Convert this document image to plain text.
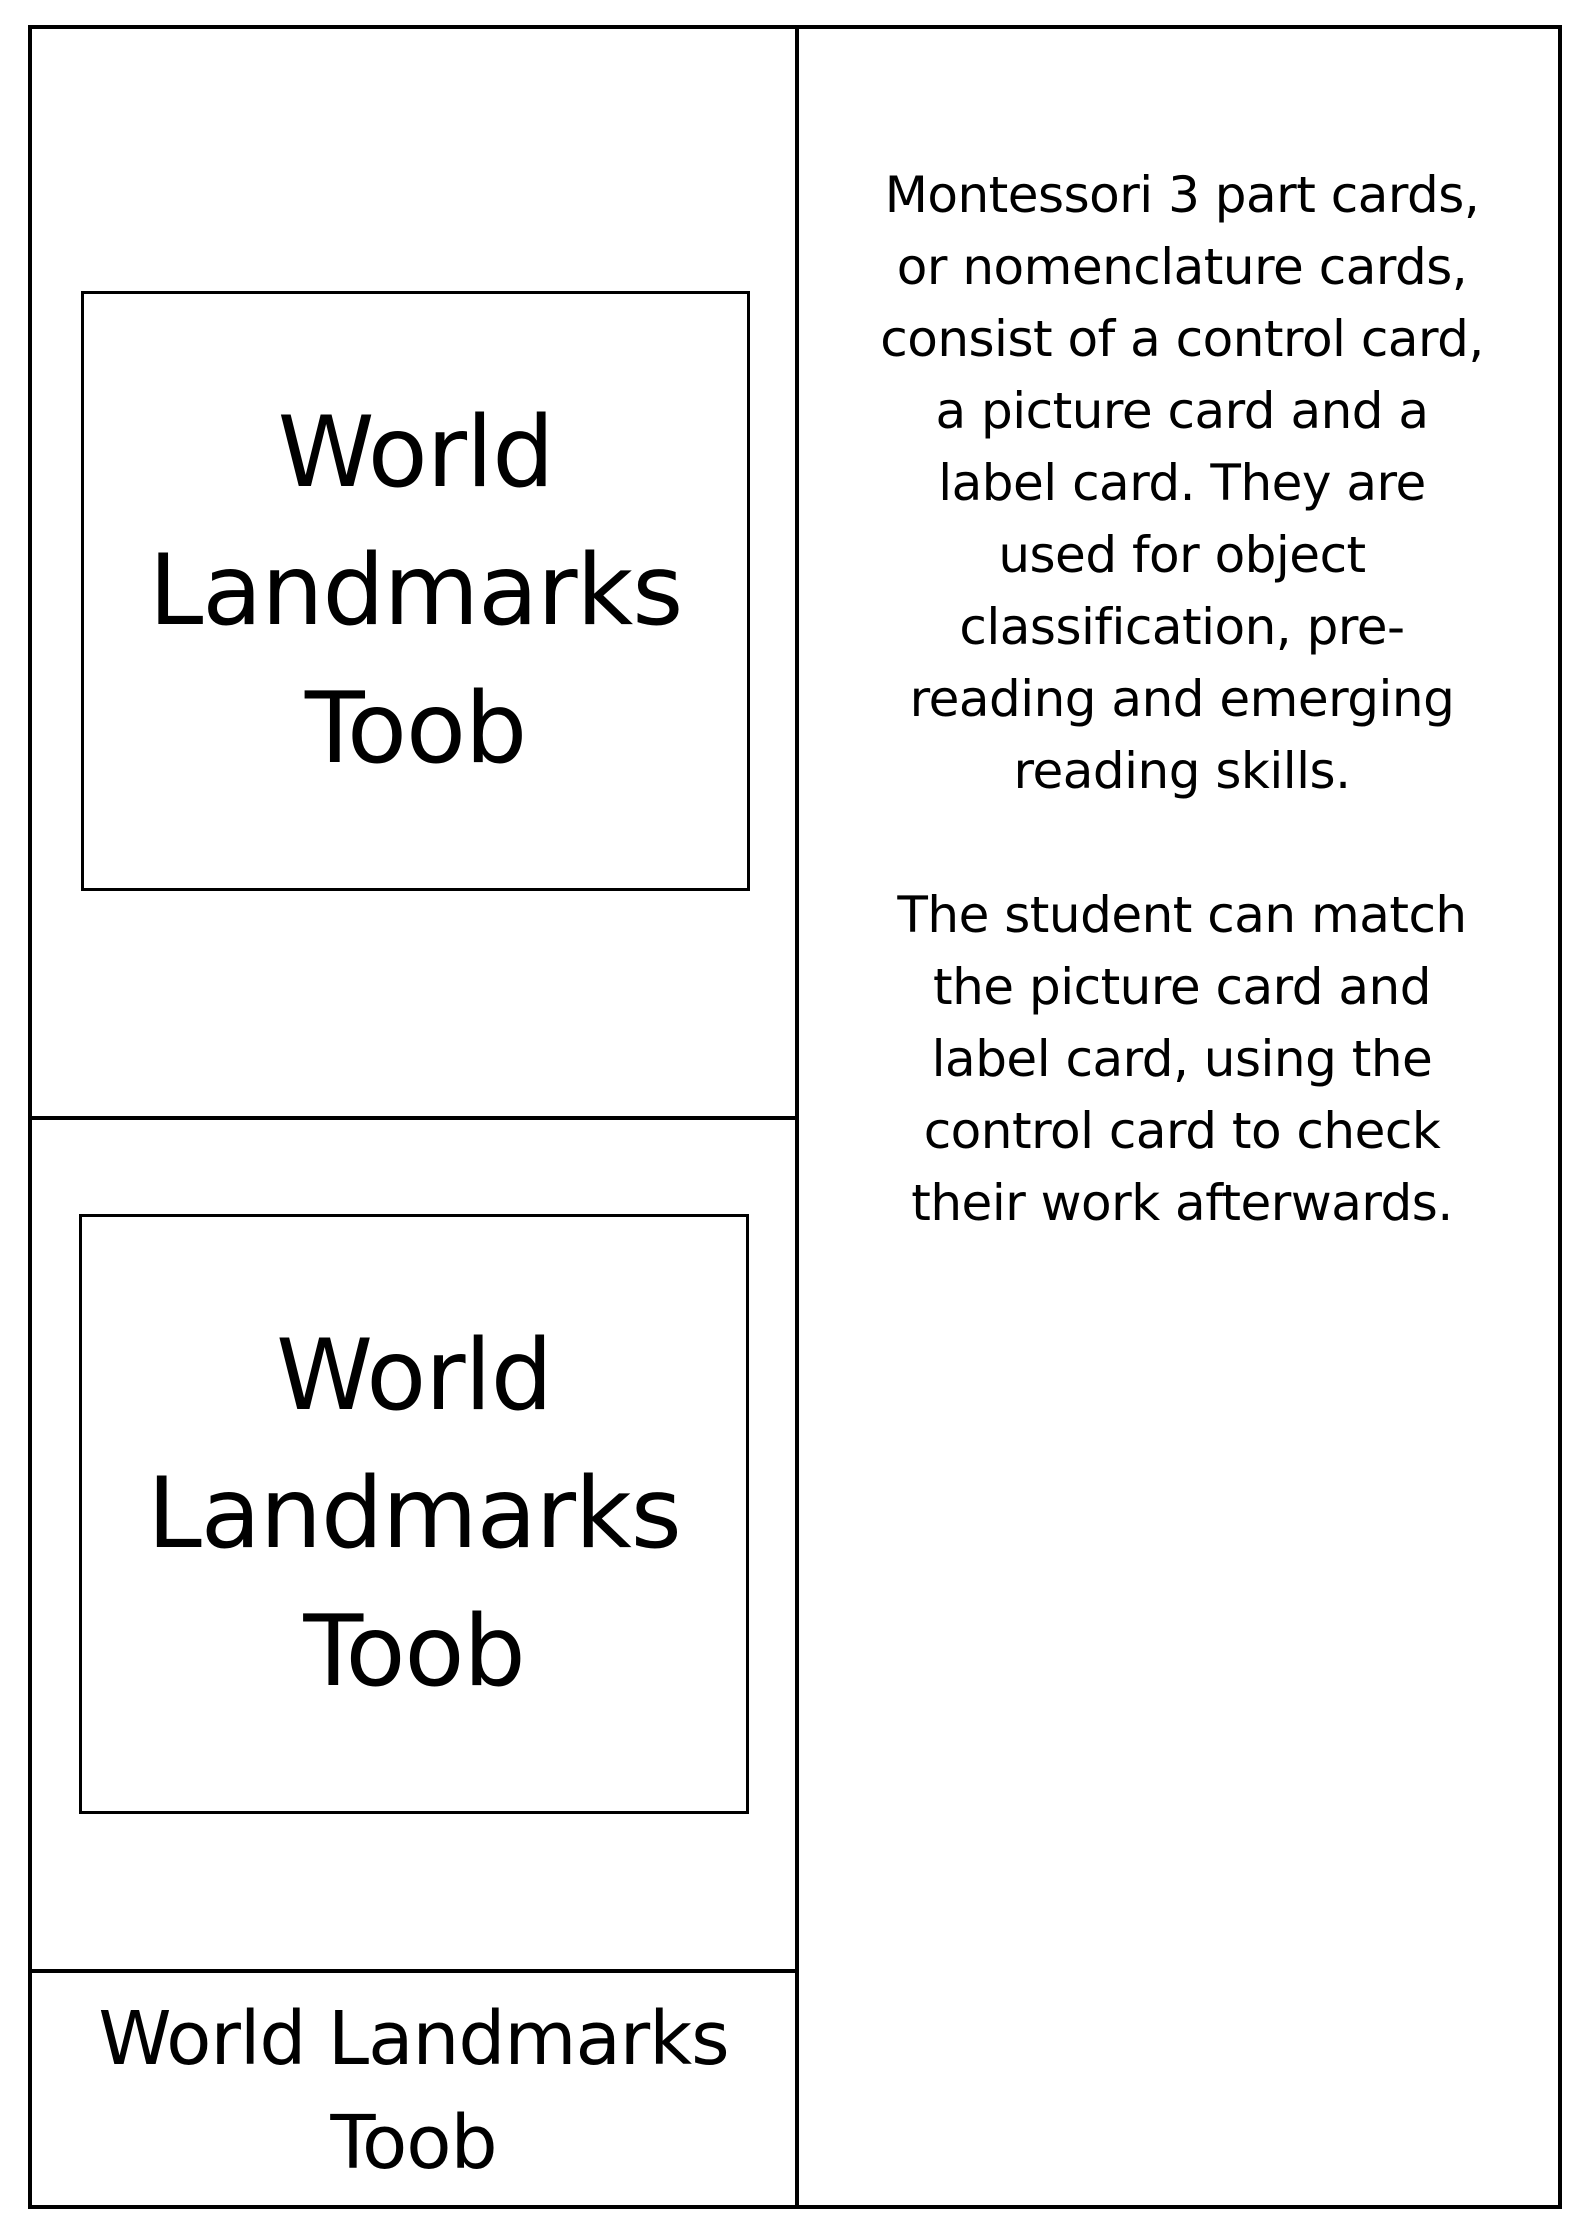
World
Landmarks
Toob

World
Landmarks
Toob

World Landmarks
Toob

Montessori 3 part cards,
or nomenclature cards,
consist of a control card,
a picture card and a
label card. They are
used for object
classification, pre-
reading and emerging
reading skills.

The student can match
the picture card and
label card, using the
control card to check
their work afterwards.
